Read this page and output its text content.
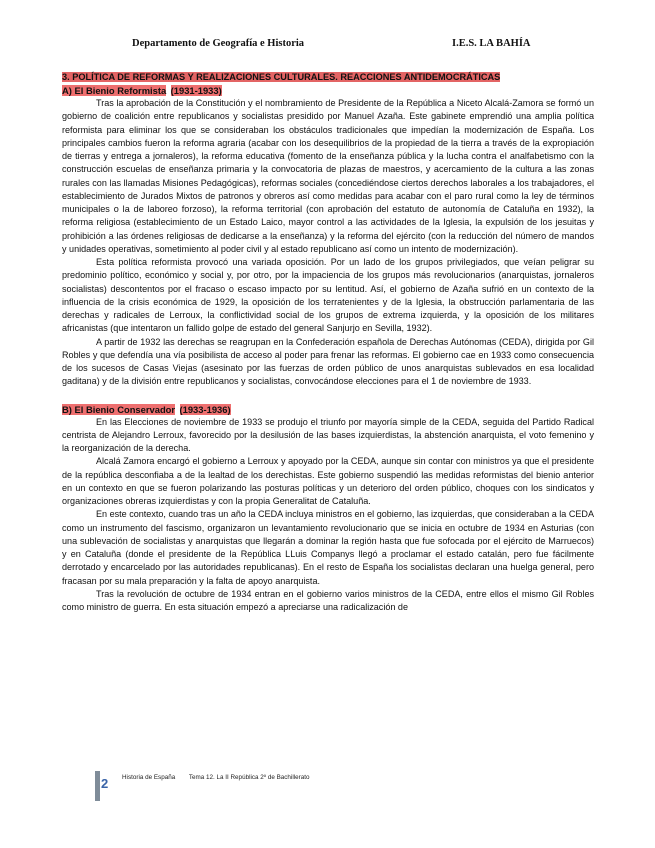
Departamento de Geografía e Historia	I.E.S. LA BAHÍA
3. POLÍTICA DE REFORMAS Y REALIZACIONES CULTURALES. REACCIONES ANTIDEMOCRÁTICAS
A) El Bienio Reformista (1931-1933)

Tras la aprobación de la Constitución y el nombramiento de Presidente de la República a Niceto Alcalá-Zamora se formó un gobierno de coalición entre republicanos y socialistas presidido por Manuel Azaña. Este gabinete emprendió una amplia política reformista para eliminar los que se consideraban los obstáculos tradicionales que impedían la modernización de España. Los principales cambios fueron la reforma agraria (acabar con los desequilibrios de la propiedad de la tierra a través de la expropiación de tierras y entrega a jornaleros), la reforma educativa (fomento de la enseñanza pública y la lucha contra el analfabetismo con la construcción escuelas de enseñanza primaria y la convocatoria de plazas de maestros, y acercamiento de la cultura a las zonas rurales con las llamadas Misiones Pedagógicas), reformas sociales (concediéndose ciertos derechos laborales a los trabajadores, el establecimiento de Jurados Mixtos de patronos y obreros así como medidas para acabar con el paro rural como la ley de términos municipales o la de laboreo forzoso), la reforma territorial (con aprobación del estatuto de autonomía de Cataluña en 1932), la reforma religiosa (establecimiento de un Estado Laico, mayor control a las actividades de la Iglesia, la expulsión de los jesuitas y prohibición a las órdenes religiosas de dedicarse a la enseñanza) y la reforma del ejército (con la reducción del número de mandos y unidades operativas, sometimiento al poder civil y al estado republicano así como un intento de modernización).

Esta política reformista provocó una variada oposición. Por un lado de los grupos privilegiados, que veían peligrar su predominio político, económico y social y, por otro, por la impaciencia de los grupos más revolucionarios (anarquistas, jornaleros socialistas) descontentos por el fracaso o escaso impacto por su lentitud. Así, el gobierno de Azaña sufrió en un contexto de la influencia de la crisis económica de 1929, la oposición de los terratenientes y de la Iglesia, la obstrucción parlamentaria de las derechas y radicales de Lerroux, la conflictividad social de los grupos de extrema izquierda, y la oposición de los militares africanistas (que intentaron un fallido golpe de estado del general Sanjurjo en Sevilla, 1932).

A partir de 1932 las derechas se reagrupan en la Confederación española de Derechas Autónomas (CEDA), dirigida por Gil Robles y que defendía una vía posibilista de acceso al poder para frenar las reformas. El gobierno cae en 1933 como consecuencia de los sucesos de Casas Viejas (asesinato por las fuerzas de orden público de unos anarquistas sublevados en esa localidad gaditana) y de la división entre republicanos y socialistas, convocándose elecciones para el 1 de noviembre de 1933.

B) El Bienio Conservador (1933-1936)

En las Elecciones de noviembre de 1933 se produjo el triunfo por mayoría simple de la CEDA, seguida del Partido Radical centrista de Alejandro Lerroux, favorecido por la desilusión de las bases izquierdistas, la abstención anarquista, el voto femenino y la reorganización de la derecha.

Alcalá Zamora encargó el gobierno a Lerroux y apoyado por la CEDA, aunque sin contar con ministros ya que el presidente de la república desconfiaba a de la lealtad de los derechistas. Este gobierno suspendió las medidas reformistas del bienio anterior en un contexto en que se fueron polarizando las posturas políticas y un deterioro del orden público, choques con los sindicatos y organizaciones obreras izquierdistas y con la propia Generalitat de Cataluña.

En este contexto, cuando tras un año la CEDA incluya ministros en el gobierno, las izquierdas, que consideraban a la CEDA como un instrumento del fascismo, organizaron un levantamiento revolucionario que se inicia en octubre de 1934 en Asturias (con una sublevación de socialistas y anarquistas que llegarán a dominar la región hasta que fue sofocada por el ejército de Marruecos) y en Cataluña (donde el presidente de la República LLuis Companys llegó a proclamar el estado catalán, pero fue fácilmente derrotado y encarcelado por las autoridades republicanas). En el resto de España los socialistas declaran una huelga general, pero fracasan por su mala preparación y la falta de apoyo anarquista.

Tras la revolución de octubre de 1934 entran en el gobierno varios ministros de la CEDA, entre ellos el mismo Gil Robles como ministro de guerra. En esta situación empezó a apreciarse una radicalización de

2 Historia de España Tema 12. La II República 2º de Bachillerato
